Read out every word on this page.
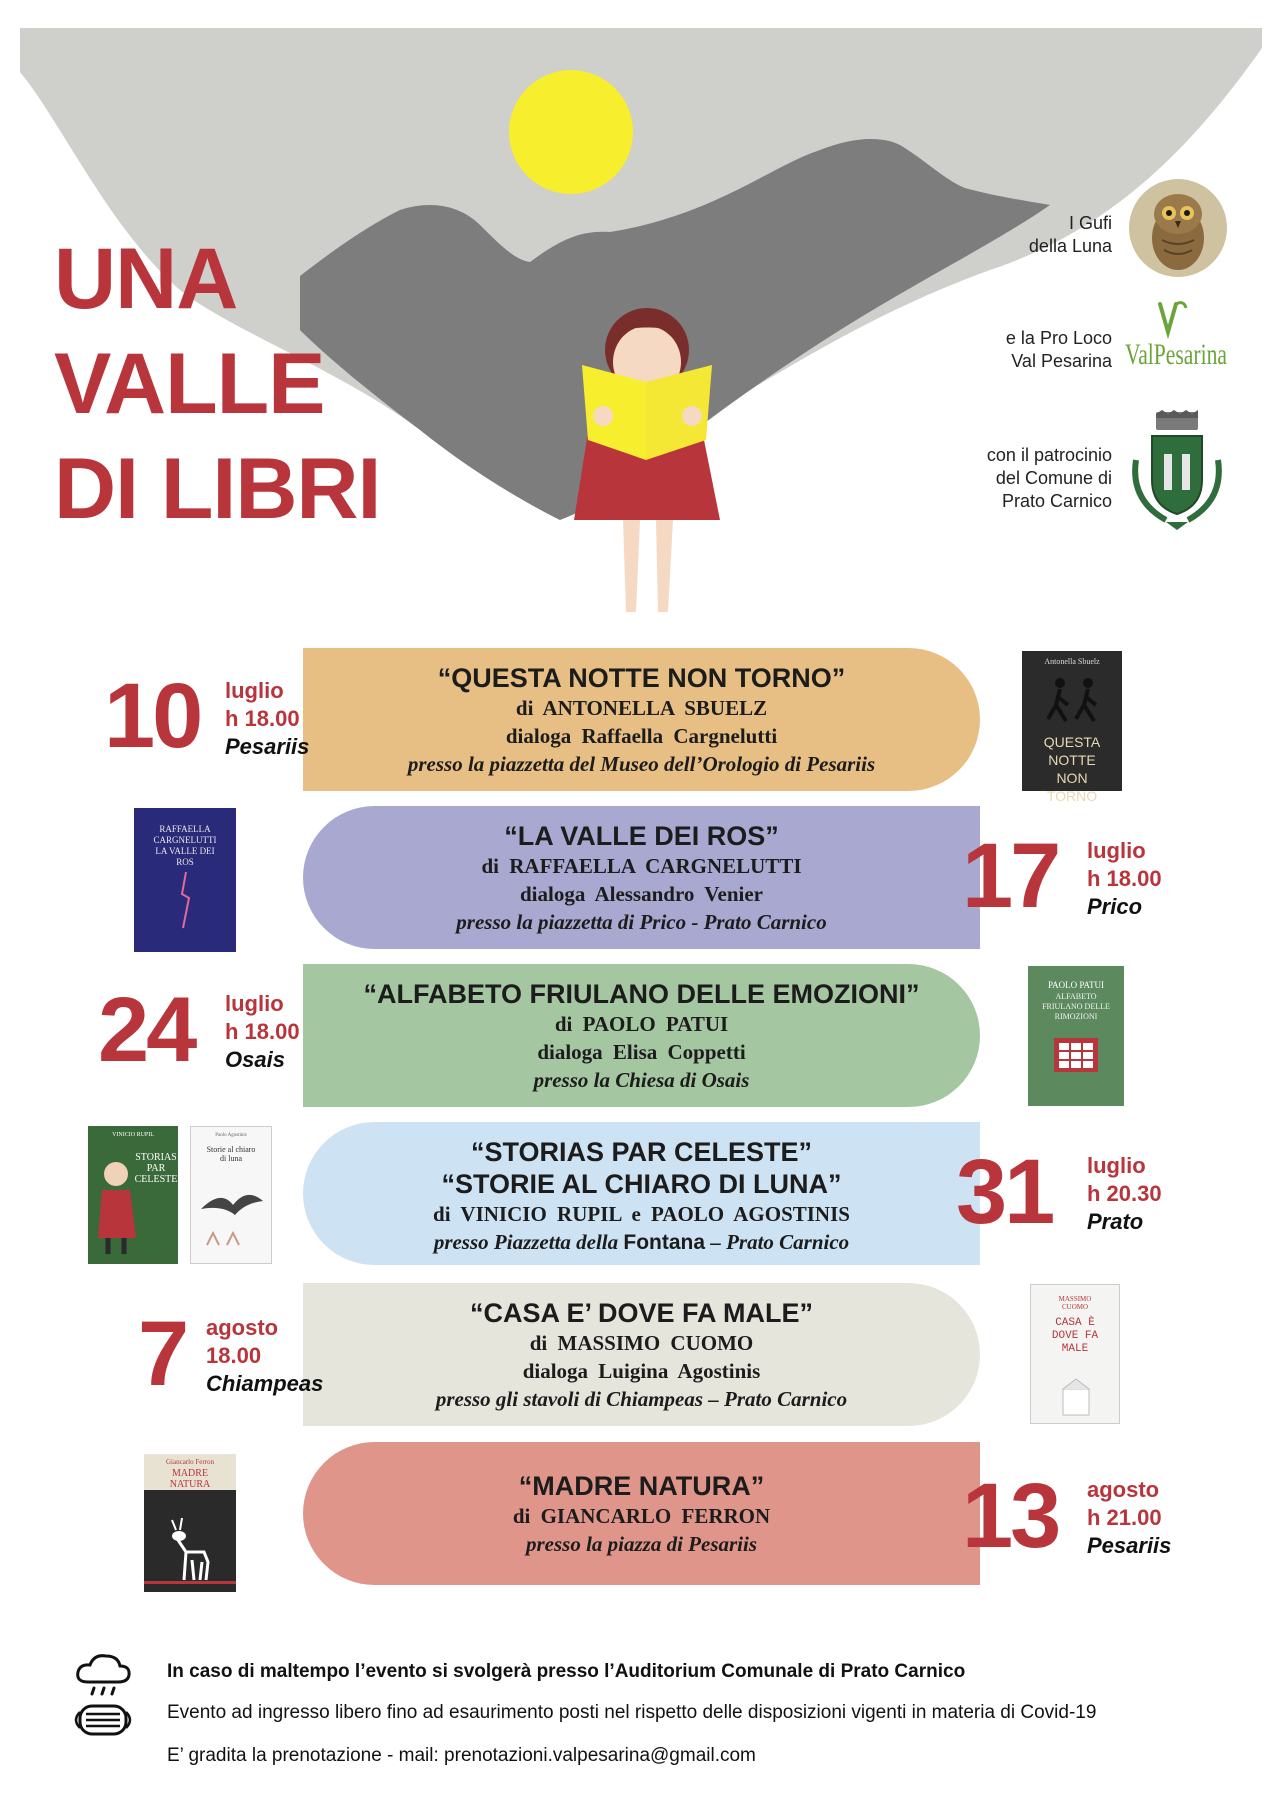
UNA
VALLE
DI LIBRI
I Gufi
della Luna
e la Pro Loco
Val Pesarina ValPesarina
con il patrocinio
del Comune di
Prato Carnico
“QUESTA NOTTE NON TORNO”
di ANTONELLA SBUELZ
dialoga Raffaella Cargnelutti
presso la piazzetta del Museo dell’Orologio di Pesariis
10 luglio
h 18.00
Pesariis
Antonella Sbuelz
QUESTA NOTTE NON TORNO
“LA VALLE DEI ROS”
di RAFFAELLA CARGNELUTTI
dialoga Alessandro Venier
presso la piazzetta di Prico - Prato Carnico 17 luglio
h 18.00
Prico
RAFFAELLA CARGNELUTTI
LA VALLE DEI ROS
“ALFABETO FRIULANO DELLE EMOZIONI”
di PAOLO PATUI
dialoga Elisa Coppetti
presso la Chiesa di Osais
24 luglio
h 18.00
Osais
PAOLO PATUI
ALFABETO FRIULANO DELLE RIMOZIONI
“STORIAS PAR CELESTE”
“STORIE AL CHIARO DI LUNA”
di VINICIO RUPIL e PAOLO AGOSTINIS
presso Piazzetta della Fontana – Prato Carnico 31 luglio
h 20.30
Prato
VINICIO RUPIL
STORIAS PAR CELESTE
Paolo Agostinis
Storie al chiaro di luna
“CASA E’ DOVE FA MALE”
di MASSIMO CUOMO
dialoga Luigina Agostinis
presso gli stavoli di Chiampeas – Prato Carnico
7 agosto
18.00
Chiampeas
MASSIMO CUOMO
CASA È DOVE FA MALE
“MADRE NATURA”
di GIANCARLO FERRON
presso la piazza di Pesariis 13 agosto
h 21.00
Pesariis
Giancarlo Ferron
MADRE NATURA
In caso di maltempo l’evento si svolgerà presso l’Auditorium Comunale di Prato Carnico
Evento ad ingresso libero fino ad esaurimento posti nel rispetto delle disposizioni vigenti in materia di Covid-19
E’ gradita la prenotazione - mail: prenotazioni.valpesarina@gmail.com
